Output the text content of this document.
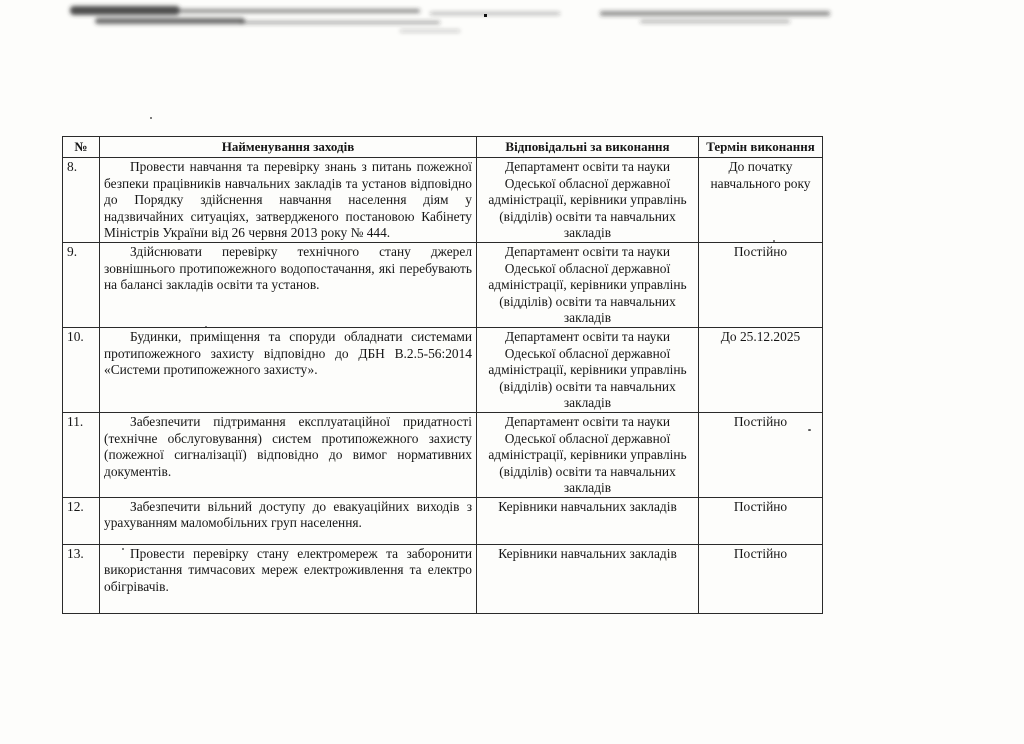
№	Найменування заходів	Відповідальні за виконання	Термін виконання
8.	Провести навчання та перевірку знань з питань пожежної безпеки працівників навчальних закладів та установ відповідно до Порядку здійснення навчання населення діям у надзвичайних ситуаціях, затвердженого постановою Кабінету Міністрів України від 26 червня 2013 року № 444.	Департамент освіти та науки Одеської обласної державної адміністрації, керівники управлінь (відділів) освіти та навчальних закладів	До початку навчального року
9.	Здійснювати перевірку технічного стану джерел зовнішнього протипожежного водопостачання, які перебувають на балансі закладів освіти та установ.	Департамент освіти та науки Одеської обласної державної адміністрації, керівники управлінь (відділів) освіти та навчальних закладів	Постійно
10.	Будинки, приміщення та споруди обладнати системами протипожежного захисту відповідно до ДБН В.2.5-56:2014 «Системи протипожежного захисту».	Департамент освіти та науки Одеської обласної державної адміністрації, керівники управлінь (відділів) освіти та навчальних закладів	До 25.12.2025
11.	Забезпечити підтримання експлуатаційної придатності (технічне обслуговування) систем протипожежного захисту (пожежної сигналізації) відповідно до вимог нормативних документів.	Департамент освіти та науки Одеської обласної державної адміністрації, керівники управлінь (відділів) освіти та навчальних закладів	Постійно
12.	Забезпечити вільний доступу до евакуаційних виходів з урахуванням маломобільних груп населення.	Керівники навчальних закладів	Постійно
13.	Провести перевірку стану електромереж та заборонити використання тимчасових мереж електроживлення та електро обігрівачів.	Керівники навчальних закладів	Постійно
